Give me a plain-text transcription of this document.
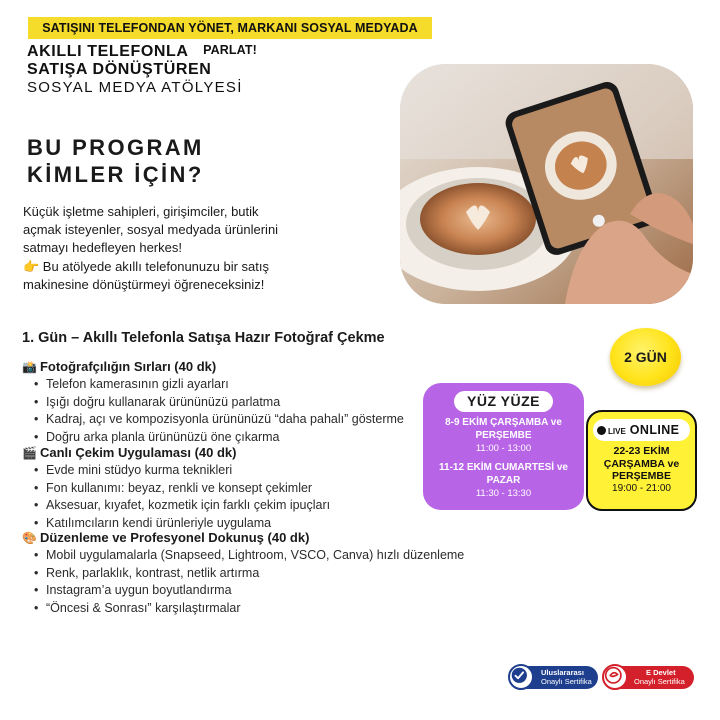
SATIŞINI TELEFONDAN YÖNET, MARKANI SOSYAL MEDYADA PARLAT!
AKILLI TELEFONLA
SATIŞA DÖNÜŞTÜREN
SOSYAL MEDYA ATÖLYESİ
BU PROGRAM
KİMLER İÇİN?

Küçük işletme sahipleri, girişimciler, butik

açmak isteyenler, sosyal medyada ürünlerini

satmayı hedefleyen herkes!

👉 Bu atölyede akıllı telefonunuzu bir satış

makinesine dönüştürmeyi öğreneceksiniz!

1. Gün – Akıllı Telefonla Satışa Hazır Fotoğraf Çekme
📸 Fotoğrafçılığın Sırları (40 dk)
• Telefon kamerasının gizli ayarları
• Işığı doğru kullanarak ürününüzü parlatma
• Kadraj, açı ve kompozisyonla ürününüzü “daha pahalı” gösterme
• Doğru arka planla ürününüzü öne çıkarma
🎬 Canlı Çekim Uygulaması (40 dk)
• Evde mini stüdyo kurma teknikleri
• Fon kullanımı: beyaz, renkli ve konsept çekimler
• Aksesuar, kıyafet, kozmetik için farklı çekim ipuçları
• Katılımcıların kendi ürünleriyle uygulama
🎨 Düzenleme ve Profesyonel Dokunuş (40 dk)
• Mobil uygulamalarla (Snapseed, Lightroom, VSCO, Canva) hızlı düzenleme
• Renk, parlaklık, kontrast, netlik artırma
• Instagram’a uygun boyutlandırma
• “Öncesi & Sonrası” karşılaştırmalar
2 GÜN
YÜZ YÜZE
8-9 EKİM ÇARŞAMBA ve
PERŞEMBE
11:00 - 13:00
11-12 EKİM CUMARTESİ ve
PAZAR
11:30 - 13:30
LIVE ONLINE
22-23 EKİM
ÇARŞAMBA ve
PERŞEMBE
19:00 - 21:00
Uluslararası
Onaylı Sertifika
E Devlet
Onaylı Sertifika
